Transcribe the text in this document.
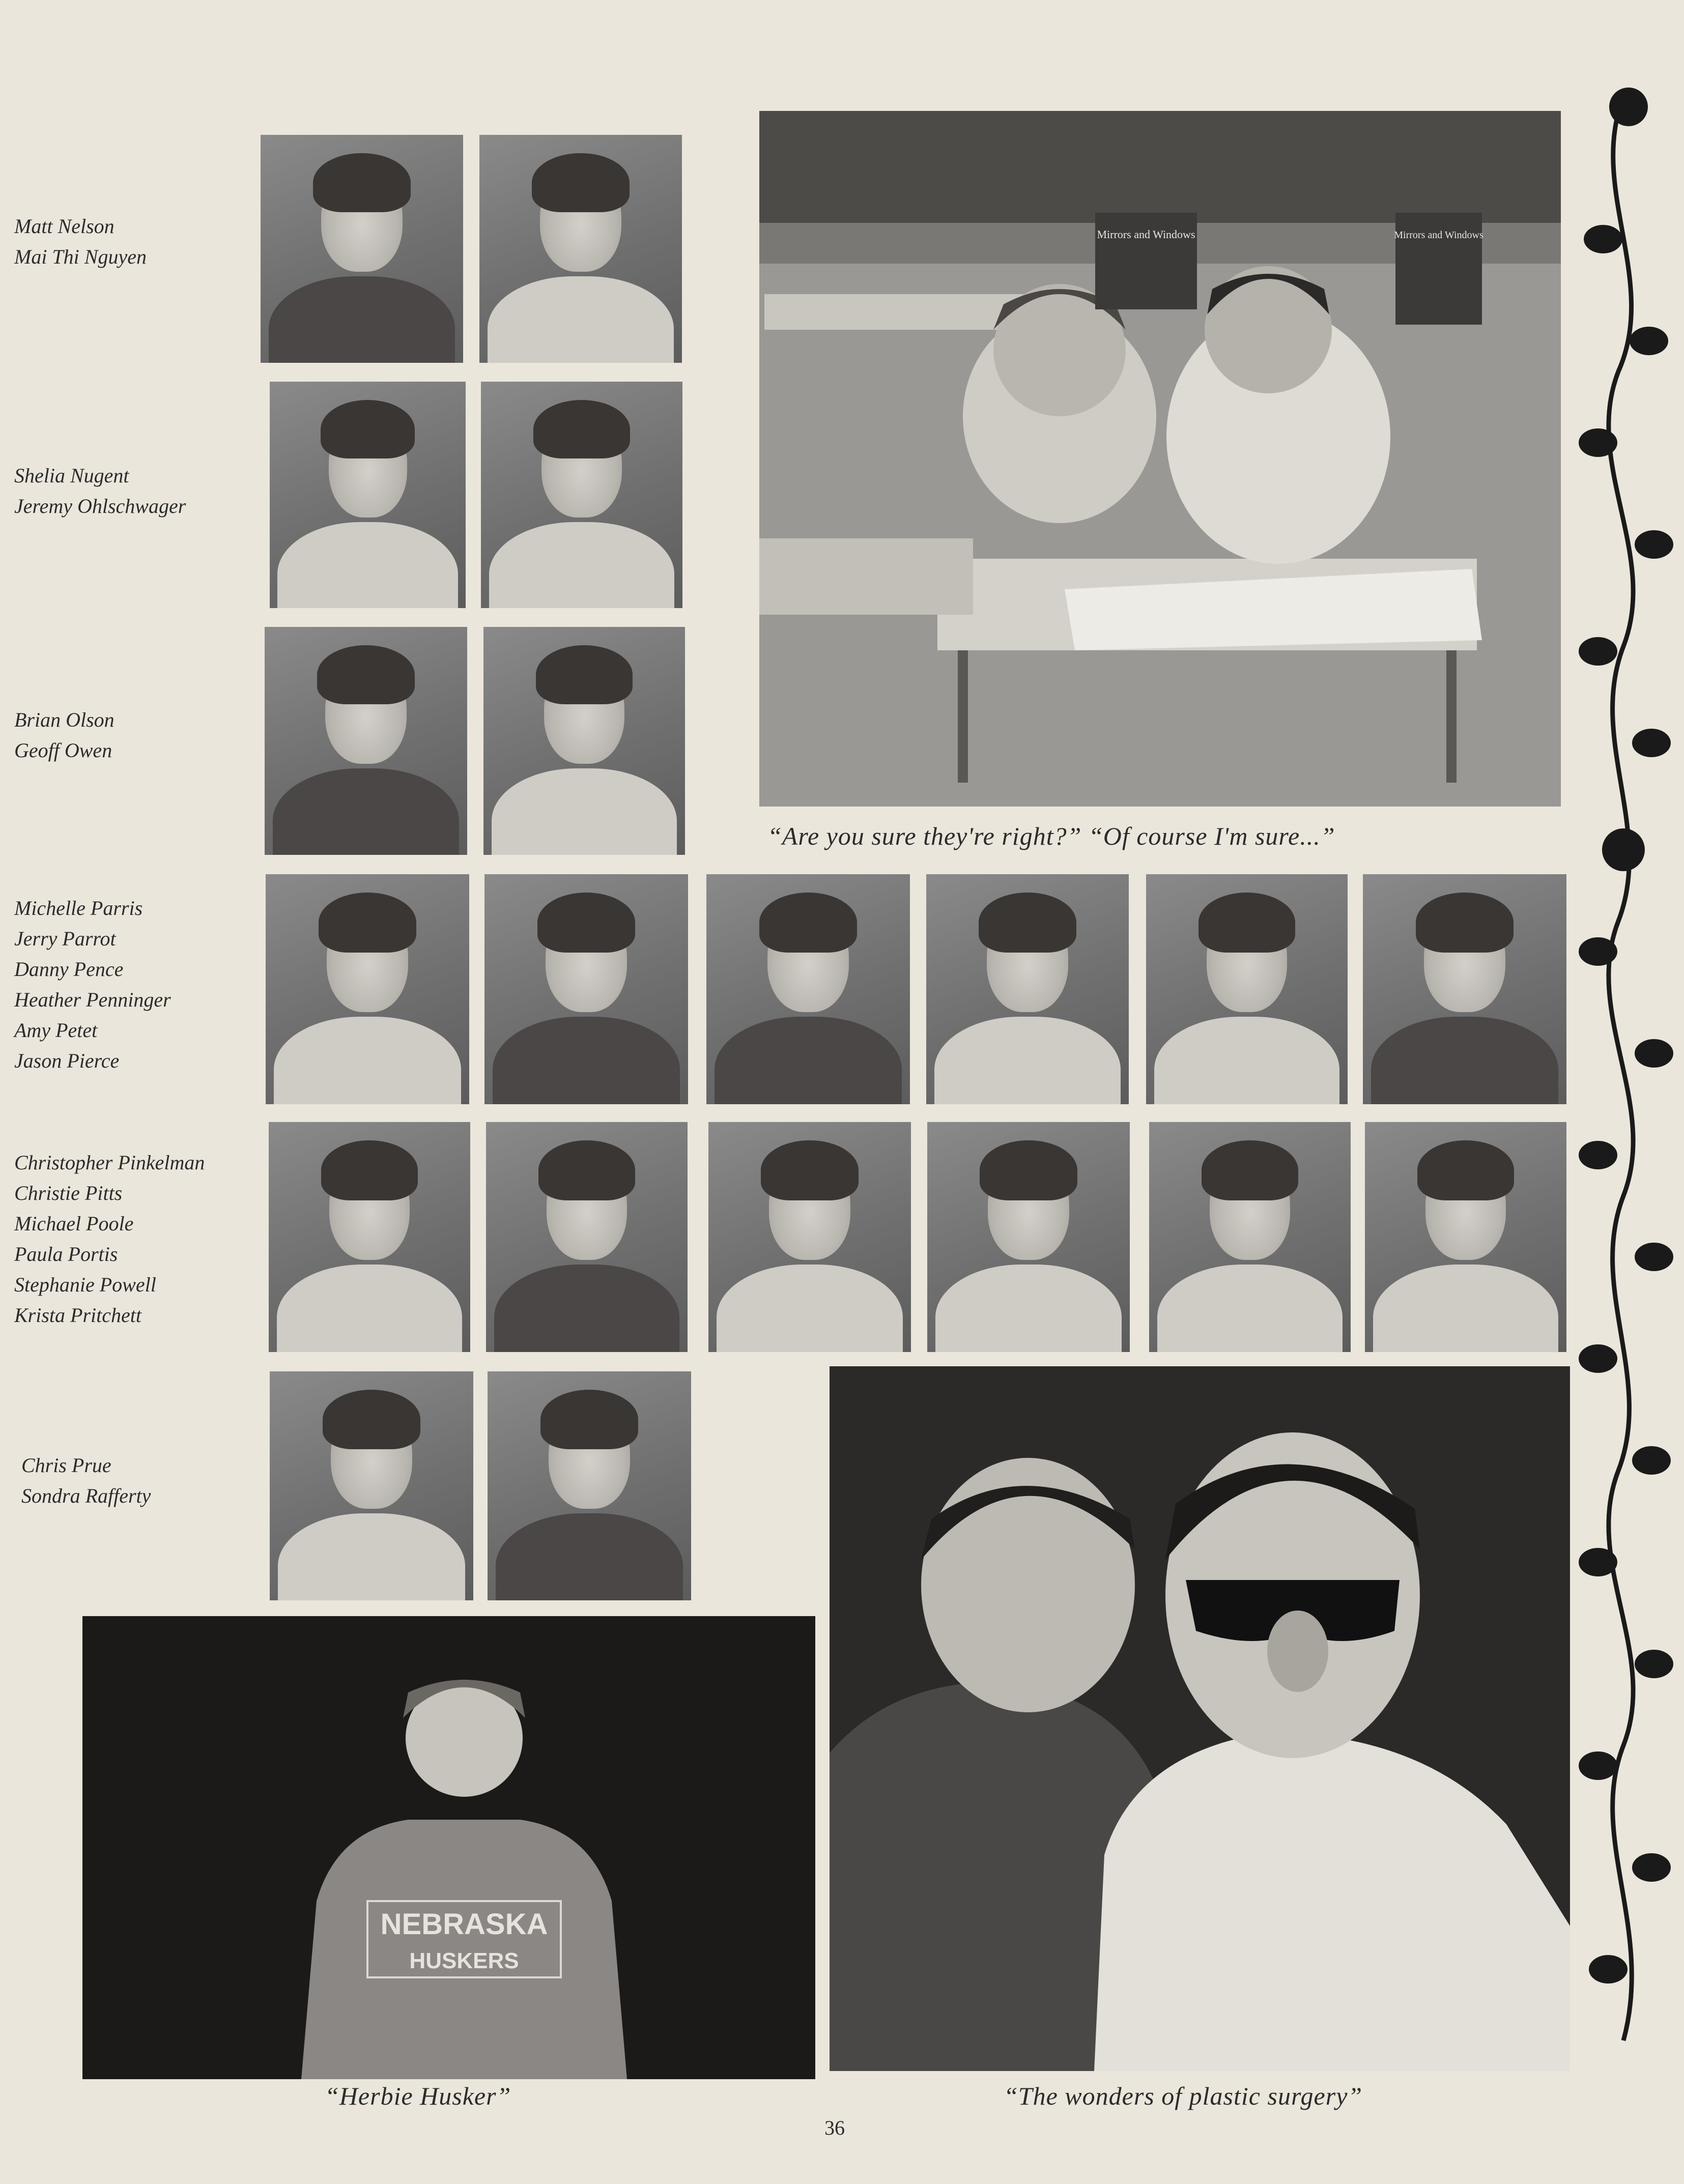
Matt Nelson
Mai Thi Nguyen
Shelia Nugent
Jeremy Ohlschwager
Brian Olson
Geoff Owen
Michelle Parris
Jerry Parrot
Danny Pence
Heather Penninger
Amy Petet
Jason Pierce
Christopher Pinkelman
Christie Pitts
Michael Poole
Paula Portis
Stephanie Powell
Krista Pritchett
Chris Prue
Sondra Rafferty
Mirrors and Windows	Mirrors and Windows
“Are you sure they're right?” “Of course I'm sure...”
NEBRASKA
HUSKERS
“Herbie Husker”	“The wonders of plastic surgery”
36
